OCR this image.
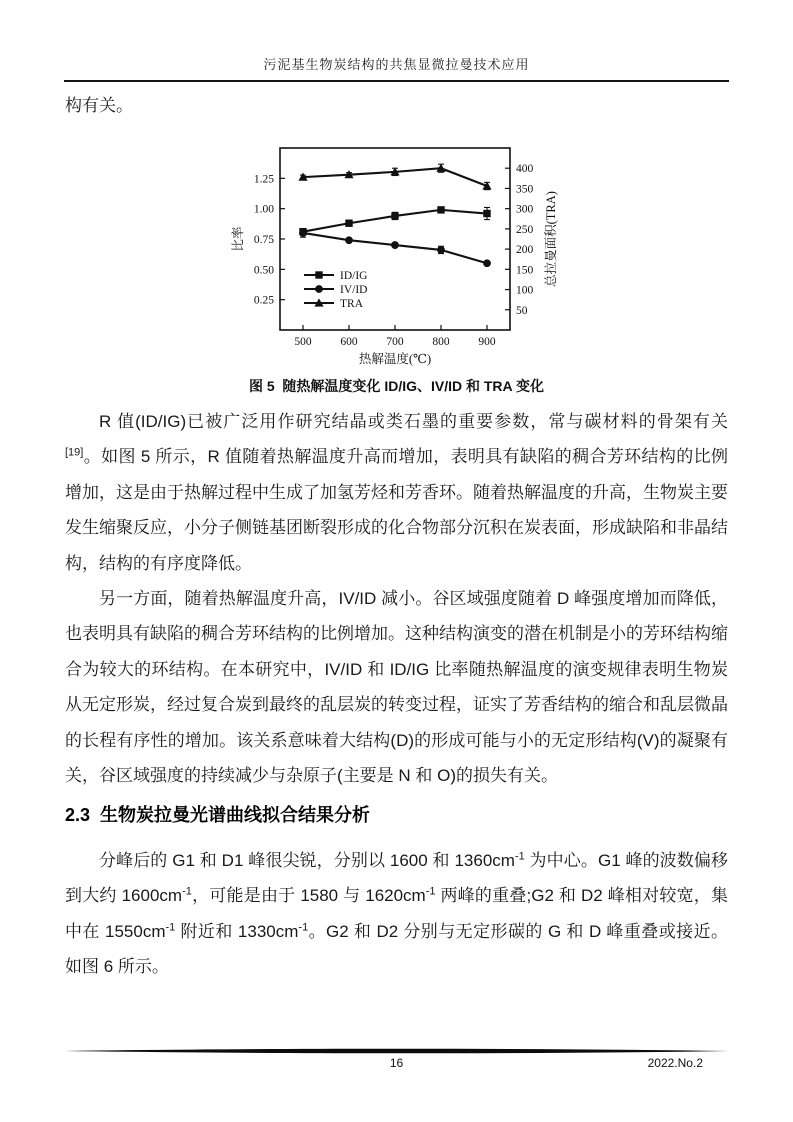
污泥基生物炭结构的共焦显微拉曼技术应用
构有关。
0.25
0.50
0.75
1.00
1.25
50
100
150
200
250
300
350
400
500	600	700	800	900
比率	总拉曼面积(TRA)
热解温度(℃)
ID/IG
IV/ID
TRA
图 5  随热解温度变化 ID/IG、IV/ID 和 TRA 变化

R 值(ID/IG)已被广泛用作研究结晶或类石墨的重要参数，常与碳材料的骨架有关[19]。如图 5 所示，R 值随着热解温度升高而增加，表明具有缺陷的稠合芳环结构的比例增加，这是由于热解过程中生成了加氢芳烃和芳香环。随着热解温度的升高，生物炭主要发生缩聚反应，小分子侧链基团断裂形成的化合物部分沉积在炭表面，形成缺陷和非晶结构，结构的有序度降低。

另一方面，随着热解温度升高，IV/ID 减小。谷区域强度随着 D 峰强度增加而降低，也表明具有缺陷的稠合芳环结构的比例增加。这种结构演变的潜在机制是小的芳环结构缩合为较大的环结构。在本研究中，IV/ID 和 ID/IG 比率随热解温度的演变规律表明生物炭从无定形炭，经过复合炭到最终的乱层炭的转变过程，证实了芳香结构的缩合和乱层微晶的长程有序性的增加。该关系意味着大结构(D)的形成可能与小的无定形结构(V)的凝聚有关，谷区域强度的持续减少与杂原子(主要是 N 和 O)的损失有关。

2.3  生物炭拉曼光谱曲线拟合结果分析

分峰后的 G1 和 D1 峰很尖锐，分别以 1600 和 $1360cm^{-1}$ 为中心。G1 峰的波数偏移到大约 $1600cm^{-1}$，可能是由于 1580 与 $1620cm^{-1}$ 两峰的重叠;G2 和 D2 峰相对较宽，集中在 $1550cm^{-1}$ 附近和 $1330cm^{-1}$。G2 和 D2 分别与无定形碳的 G 和 D 峰重叠或接近。如图 6 所示。

16	2022.No.2
